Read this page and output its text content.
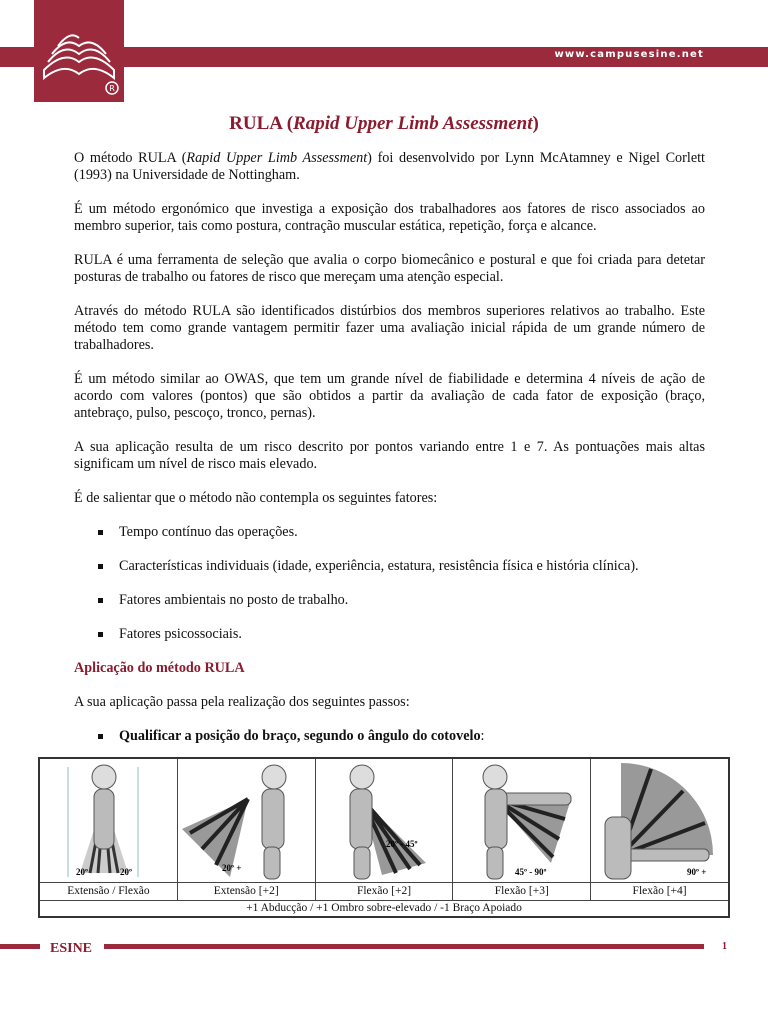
R
www.campusesine.net
RULA (Rapid Upper Limb Assessment)

O método RULA (Rapid Upper Limb Assessment) foi desenvolvido por Lynn McAtamney e Nigel Corlett (1993) na Universidade de Nottingham.

É um método ergonómico que investiga a exposição dos trabalhadores aos fatores de risco associados ao membro superior, tais como postura, contração muscular estática, repetição, força e alcance.

RULA é uma ferramenta de seleção que avalia o corpo biomecânico e postural e que foi criada para detetar posturas de trabalho ou fatores de risco que mereçam uma atenção especial.

Através do método RULA são identificados distúrbios dos membros superiores relativos ao trabalho. Este método tem como grande vantagem permitir fazer uma avaliação inicial rápida de um grande número de trabalhadores.

É um método similar ao OWAS, que tem um grande nível de fiabilidade e determina 4 níveis de ação de acordo com valores (pontos) que são obtidos a partir da avaliação de cada fator de exposição (braço, antebraço, pulso, pescoço, tronco, pernas).

A sua aplicação resulta de um risco descrito por pontos variando entre 1 e 7. As pontuações mais altas significam um nível de risco mais elevado.

É de salientar que o método não contempla os seguintes fatores:

Tempo contínuo das operações.
Características individuais (idade, experiência, estatura, resistência física e história clínica).
Fatores ambientais no posto de trabalho.
Fatores psicossociais.
Aplicação do método RULA

A sua aplicação passa pela realização dos seguintes passos:

Qualificar a posição do braço, segundo o ângulo do cotovelo:
20º	20º	20º +
20º - 45º
45º - 90º	90º +
Extensão / Flexão	Extensão [+2]	Flexão [+2]	Flexão [+3]	Flexão [+4]
+1 Abducção / +1 Ombro sobre-elevado / -1 Braço Apoiado
ESINE	1
